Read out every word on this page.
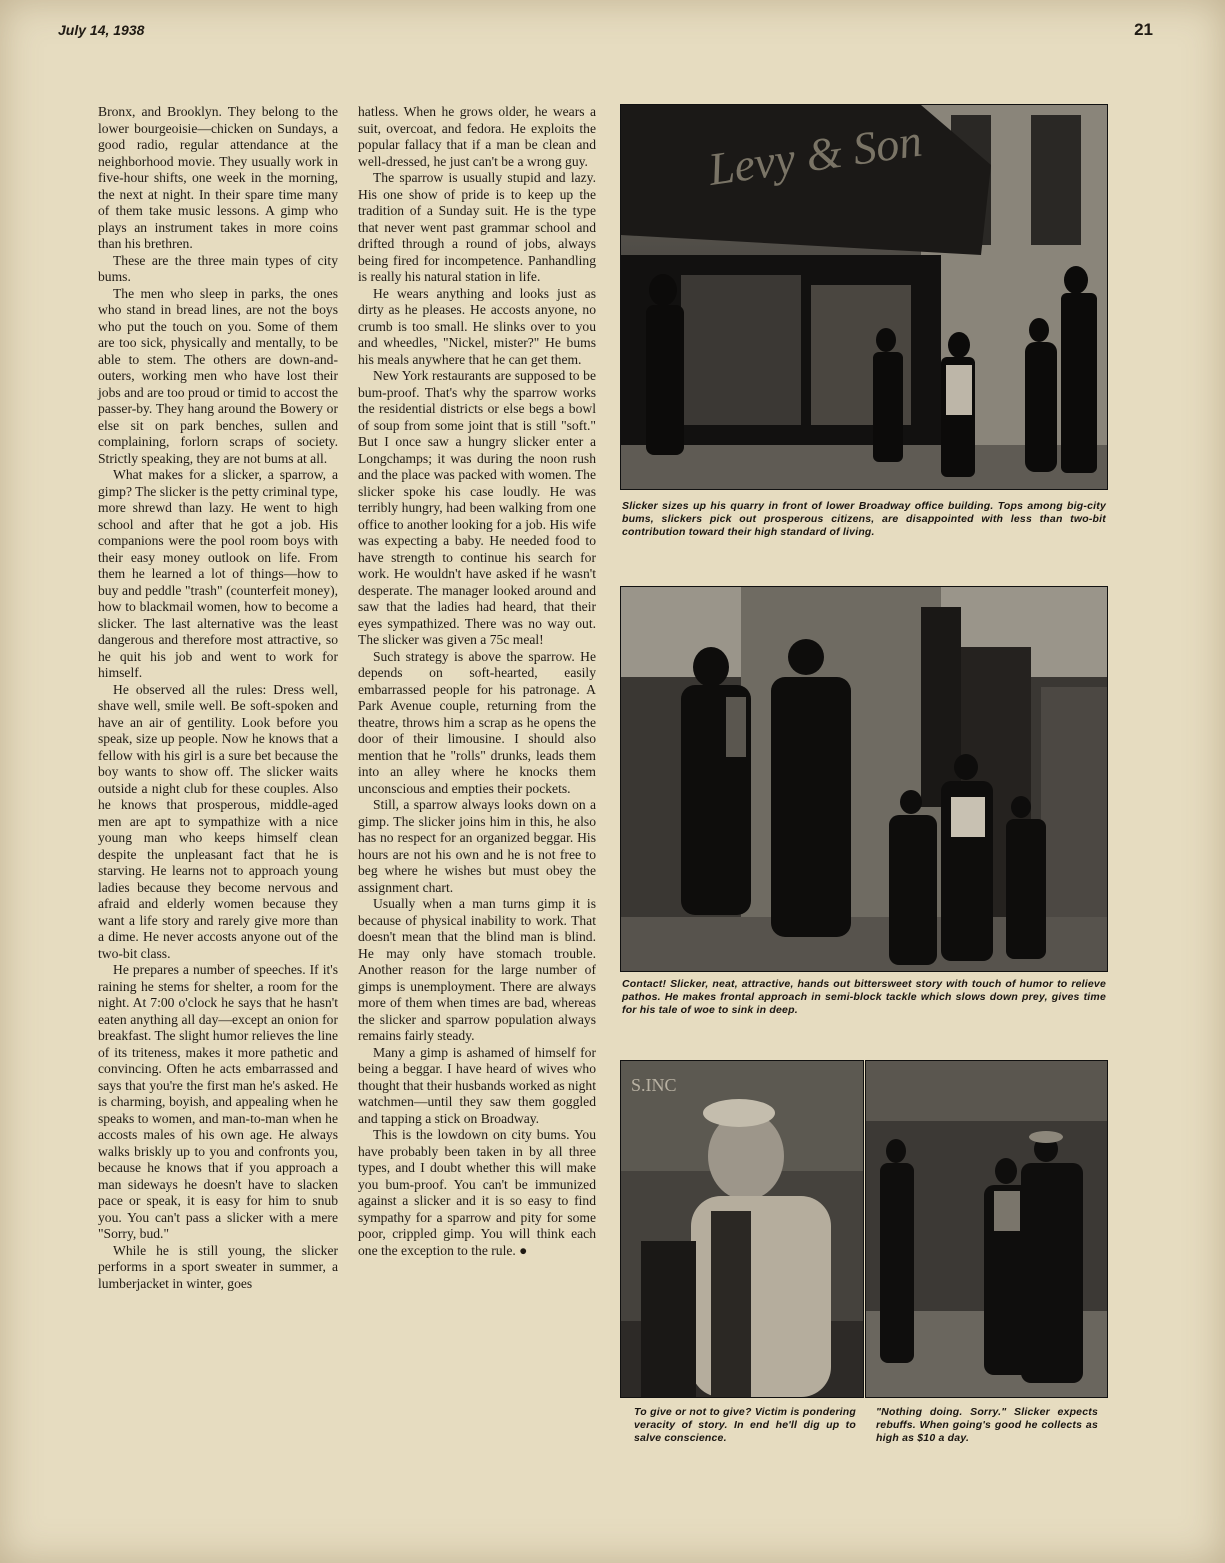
July 14, 1938	21

Bronx, and Brooklyn. They belong to the lower bourgeoisie—chicken on Sundays, a good radio, regular attendance at the neighborhood movie. They usually work in five-hour shifts, one week in the morning, the next at night. In their spare time many of them take music lessons. A gimp who plays an instrument takes in more coins than his brethren.

These are the three main types of city bums.

The men who sleep in parks, the ones who stand in bread lines, are not the boys who put the touch on you. Some of them are too sick, physically and mentally, to be able to stem. The others are down-and-outers, working men who have lost their jobs and are too proud or timid to accost the passer-by. They hang around the Bowery or else sit on park benches, sullen and complaining, forlorn scraps of society. Strictly speaking, they are not bums at all.

What makes for a slicker, a sparrow, a gimp? The slicker is the petty criminal type, more shrewd than lazy. He went to high school and after that he got a job. His companions were the pool room boys with their easy money outlook on life. From them he learned a lot of things—how to buy and peddle "trash" (counterfeit money), how to blackmail women, how to become a slicker. The last alternative was the least dangerous and therefore most attractive, so he quit his job and went to work for himself.

He observed all the rules: Dress well, shave well, smile well. Be soft-spoken and have an air of gentility. Look before you speak, size up people. Now he knows that a fellow with his girl is a sure bet because the boy wants to show off. The slicker waits outside a night club for these couples. Also he knows that prosperous, middle-aged men are apt to sympathize with a nice young man who keeps himself clean despite the unpleasant fact that he is starving. He learns not to approach young ladies because they become nervous and afraid and elderly women because they want a life story and rarely give more than a dime. He never accosts anyone out of the two-bit class.

He prepares a number of speeches. If it's raining he stems for shelter, a room for the night. At 7:00 o'clock he says that he hasn't eaten anything all day—except an onion for breakfast. The slight humor relieves the line of its triteness, makes it more pathetic and convincing. Often he acts embarrassed and says that you're the first man he's asked. He is charming, boyish, and appealing when he speaks to women, and man-to-man when he accosts males of his own age. He always walks briskly up to you and confronts you, because he knows that if you approach a man sideways he doesn't have to slacken pace or speak, it is easy for him to snub you. You can't pass a slicker with a mere "Sorry, bud."

While he is still young, the slicker performs in a sport sweater in summer, a lumberjacket in winter, goes

hatless. When he grows older, he wears a suit, overcoat, and fedora. He exploits the popular fallacy that if a man be clean and well-dressed, he just can't be a wrong guy.

The sparrow is usually stupid and lazy. His one show of pride is to keep up the tradition of a Sunday suit. He is the type that never went past grammar school and drifted through a round of jobs, always being fired for incompetence. Panhandling is really his natural station in life.

He wears anything and looks just as dirty as he pleases. He accosts anyone, no crumb is too small. He slinks over to you and wheedles, "Nickel, mister?" He bums his meals anywhere that he can get them.

New York restaurants are supposed to be bum-proof. That's why the sparrow works the residential districts or else begs a bowl of soup from some joint that is still "soft." But I once saw a hungry slicker enter a Longchamps; it was during the noon rush and the place was packed with women. The slicker spoke his case loudly. He was terribly hungry, had been walking from one office to another looking for a job. His wife was expecting a baby. He needed food to have strength to continue his search for work. He wouldn't have asked if he wasn't desperate. The manager looked around and saw that the ladies had heard, that their eyes sympathized. There was no way out. The slicker was given a 75c meal!

Such strategy is above the sparrow. He depends on soft-hearted, easily embarrassed people for his patronage. A Park Avenue couple, returning from the theatre, throws him a scrap as he opens the door of their limousine. I should also mention that he "rolls" drunks, leads them into an alley where he knocks them unconscious and empties their pockets.

Still, a sparrow always looks down on a gimp. The slicker joins him in this, he also has no respect for an organized beggar. His hours are not his own and he is not free to beg where he wishes but must obey the assignment chart.

Usually when a man turns gimp it is because of physical inability to work. That doesn't mean that the blind man is blind. He may only have stomach trouble. Another reason for the large number of gimps is unemployment. There are always more of them when times are bad, whereas the slicker and sparrow population always remains fairly steady.

Many a gimp is ashamed of himself for being a beggar. I have heard of wives who thought that their husbands worked as night watchmen—until they saw them goggled and tapping a stick on Broadway.

This is the lowdown on city bums. You have probably been taken in by all three types, and I doubt whether this will make you bum-proof. You can't be immunized against a slicker and it is so easy to find sympathy for a sparrow and pity for some poor, crippled gimp. You will think each one the exception to the rule. ●

Levy & Son
Slicker sizes up his quarry in front of lower Broadway office building. Tops among big-city bums, slickers pick out prosperous citizens, are disappointed with less than two-bit contribution toward their high standard of living.
Contact! Slicker, neat, attractive, hands out bittersweet story with touch of humor to relieve pathos. He makes frontal approach in semi-block tackle which slows down prey, gives time for his tale of woe to sink in deep.
S.INC
To give or not to give? Victim is pondering veracity of story. In end he'll dig up to salve conscience.
"Nothing doing. Sorry." Slicker expects rebuffs. When going's good he collects as high as $10 a day.
